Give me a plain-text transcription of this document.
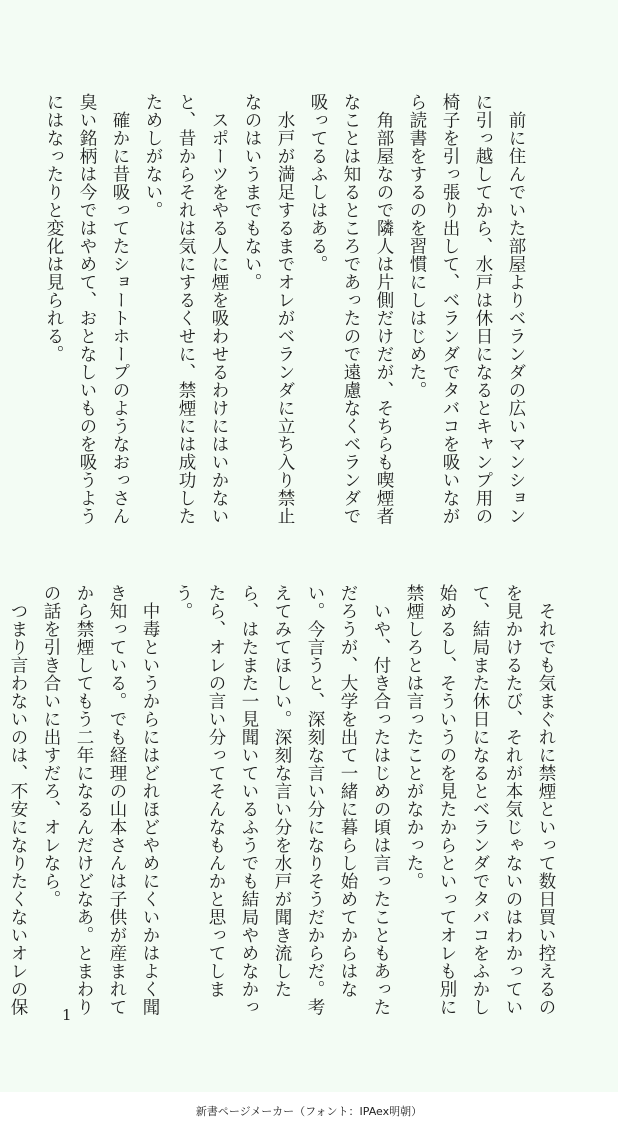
　前に住んでいた部屋よりベランダの広いマンションに引っ越してから、水戸は休日になるとキャンプ用の椅子を引っ張り出して、ベランダでタバコを吸いながら読書をするのを習慣にしはじめた。

　角部屋なので隣人は片側だけだが、そちらも喫煙者なことは知るところであったので遠慮なくベランダで吸ってるふしはある。

　水戸が満足するまでオレがベランダに立ち入り禁止なのはいうまでもない。

　スポーツをやる人に煙を吸わせるわけにはいかないと、昔からそれは気にするくせに、禁煙には成功したためしがない。

　確かに昔吸ってたショートホープのようなおっさん臭い銘柄は今ではやめて、おとなしいものを吸うようにはなったりと変化は見られる。

　それでも気まぐれに禁煙といって数日買い控えるのを見かけるたび、それが本気じゃないのはわかっていて、結局また休日になるとベランダでタバコをふかし始めるし、そういうのを見たからといってオレも別に禁煙しろとは言ったことがなかった。

　いや、付き合ったはじめの頃は言ったこともあっただろうが、大学を出て一緒に暮らし始めてからはない。今言うと、深刻な言い分になりそうだからだ。考えてみてほしい。深刻な言い分を水戸が聞き流したら、はたまた一見聞いているふうでも結局やめなかったら、オレの言い分ってそんなもんかと思ってしまう。

　中毒というからにはどれほどやめにくいかはよく聞き知っている。でも経理の山本さんは子供が産まれてから禁煙してもう二年になるんだけどなあ。とまわりの話を引き合いに出すだろ、オレなら。

　つまり言わないのは、不安になりたくないオレの保	1
新書ページメーカー（フォント：IPAex明朝）
